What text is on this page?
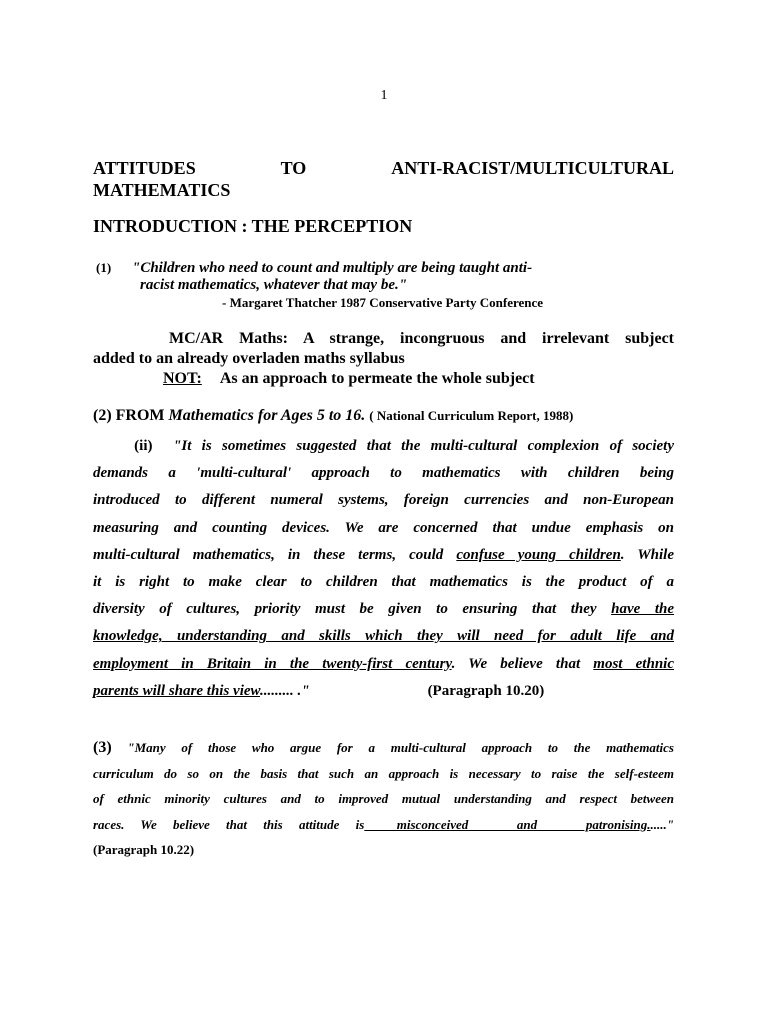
1
ATTITUDES	TO	ANTI-RACIST/MULTICULTURAL
MATHEMATICS
INTRODUCTION : THE PERCEPTION
(1) "Children who need to count and multiply are being taught anti-
racist mathematics, whatever that may be."
- Margaret Thatcher 1987 Conservative Party Conference
MC/AR Maths: A strange, incongruous and irrelevant subject
added to an already overladen maths syllabus
NOT: As an approach to permeate the whole subject
(2) FROM Mathematics for Ages 5 to 16. ( National Curriculum Report, 1988)
(ii)  "It is sometimes suggested that the multi-cultural complexion of society
demands a 'multi-cultural' approach to mathematics with children being
introduced to different numeral systems, foreign currencies and non-European
measuring and counting devices. We are concerned that undue emphasis on
multi-cultural mathematics, in these terms, could confuse young children. While
it is right to make clear to children that mathematics is the product of a
diversity of cultures, priority must be given to ensuring that they have the
knowledge, understanding and skills which they will need for adult life and
employment in Britain in the twenty-first century. We believe that most ethnic
parents will share this view......... ."	(Paragraph 10.20)
(3) "Many of those who argue for a multi-cultural approach to the mathematics
curriculum do so on the basis that such an approach is necessary to raise the self-esteem
of ethnic minority cultures and to improved mutual understanding and respect between
races. We believe that this attitude is  misconceived   and   patronising......"
(Paragraph 10.22)
